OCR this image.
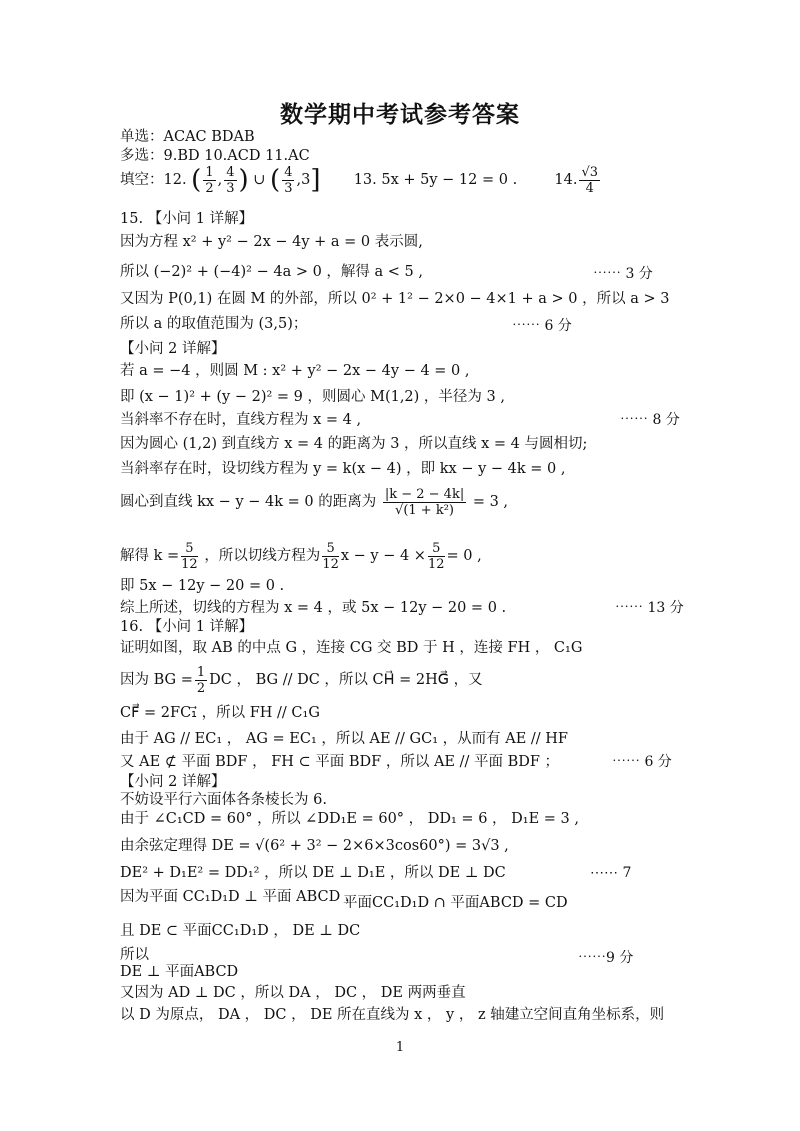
数学期中考试参考答案
单选：ACAC BDAB
多选：9.BD 10.ACD 11.AC
填空：12. ( $\frac{1}{2}$ , $\frac{4}{3}$ ) ∪ ( $\frac{4}{3} ,3$] 13. 5x + 5y − 12 = 0 .	14. $\frac{√3}{4}$
15. 【小问 1 详解】
因为方程 x² + y² − 2x − 4y + a = 0 表示圆,
所以 (−2)² + (−4)² − 4a > 0 ，解得 a < 5 ,	⋯⋯ 3 分
又因为 P(0,1) 在圆 M 的外部，所以 0² + 1² − 2×0 − 4×1 + a > 0 ，所以 a > 3
所以 a 的取值范围为 (3,5)；	⋯⋯ 6 分
【小问 2 详解】
若 a = −4 ，则圆 M : x² + y² − 2x − 4y − 4 = 0 ,
即 (x − 1)² + (y − 2)² = 9 ，则圆心 M(1,2) ，半径为 3 ,
当斜率不存在时，直线方程为 x = 4 ,	⋯⋯ 8 分
因为圆心 (1,2) 到直线方 x = 4 的距离为 3 ，所以直线 x = 4 与圆相切;
当斜率存在时，设切线方程为 y = k(x − 4) ，即 kx − y − 4k = 0 ,
圆心到直线 kx − y − 4k = 0 的距离为 $\frac{|k - 2 - 4k|}{\text{√(1 + k²)}} = 3$ ,
解得 $k = \frac{5}{12}$ ，所以切线方程为 $\frac{5}{12}$ $x - y - 4 \times \frac{5}{12} = 0$ ,
即 5x − 12y − 20 = 0 .
综上所述，切线的方程为 x = 4 ，或 5x − 12y − 20 = 0 .	⋯⋯ 13 分
16. 【小问 1 详解】
证明如图，取 AB 的中点 G ，连接 CG 交 BD 于 H ，连接 FH ， C₁G
因为 BG = $\frac{1}{2}$ DC ， BG // DC ，所以 CH⃗ = 2HG⃗ ，又
CF⃗ = 2FC₁⃗ ，所以 FH // C₁G
由于 AG // EC₁ ， AG = EC₁ ，所以 AE // GC₁ ，从而有 AE // HF
又 AE ⊄ 平面 BDF ， FH ⊂ 平面 BDF ，所以 AE // 平面 BDF ；	⋯⋯ 6 分
【小问 2 详解】
不妨设平行六面体各条棱长为 6.
由于 ∠C₁CD = 60° ，所以 ∠DD₁E = 60° ， DD₁ = 6 ， D₁E = 3 ,
由余弦定理得 DE = √(6² + 3² − 2×6×3cos60°) = 3√3 ,
DE² + D₁E² = DD₁² ，所以 DE ⊥ D₁E ，所以 DE ⊥ DC	⋯⋯ 7
因为平面 CC₁D₁D ⊥ 平面 ABCD ，
平面CC₁D₁D ∩ 平面ABCD = CD
且 DE ⊂ 平面CC₁D₁D ， DE ⊥ DC
所以
DE ⊥ 平面ABCD
⋯⋯9 分
又因为 AD ⊥ DC ，所以 DA ， DC ， DE 两两垂直
以 D 为原点， DA ， DC ， DE 所在直线为 x ， y ， z 轴建立空间直角坐标系，则
1
